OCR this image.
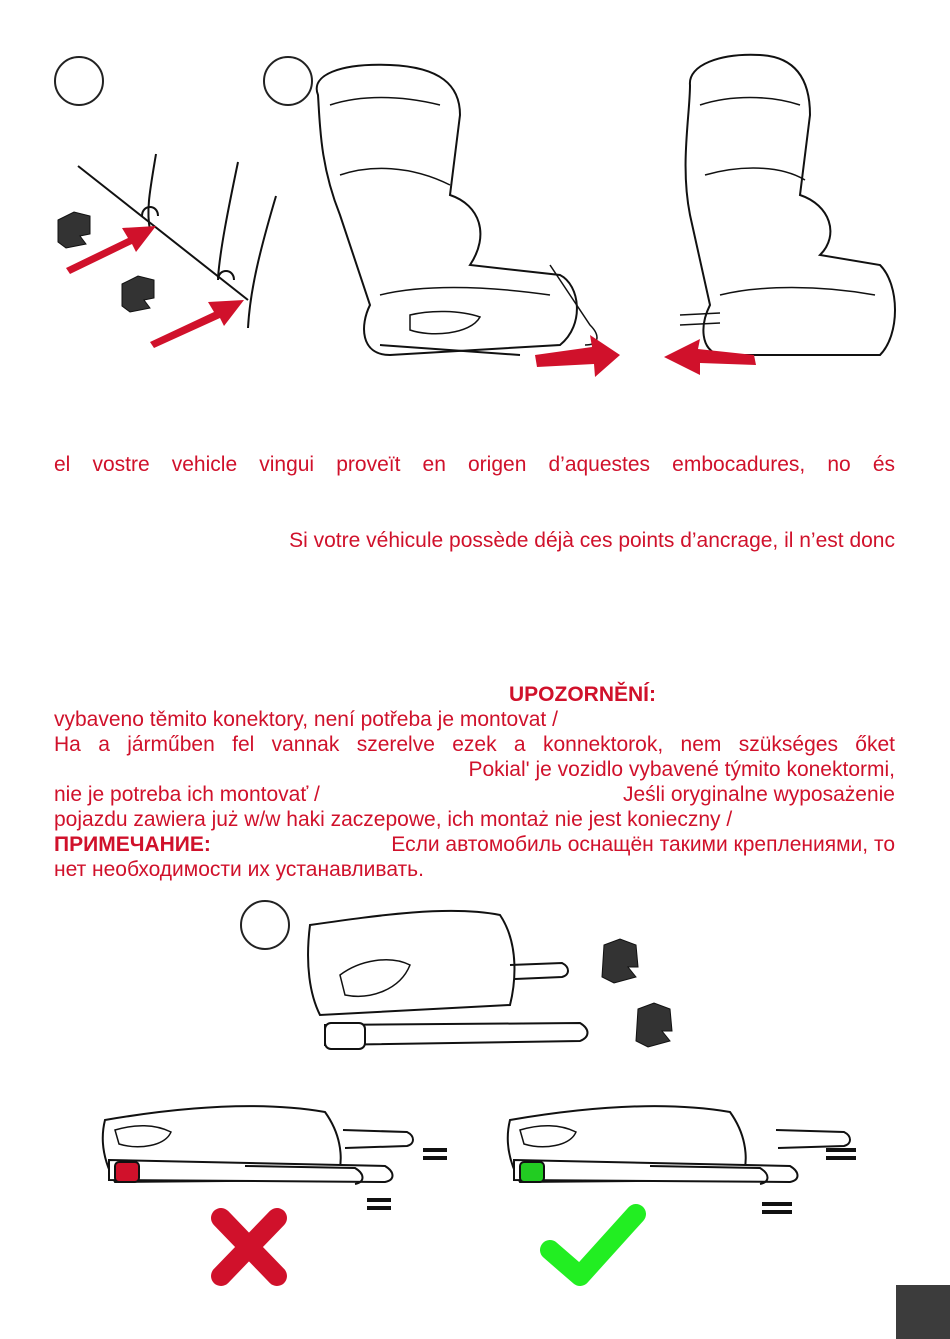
el vostre vehicle vingui proveït en origen d’aquestes embocadures, no és
Si votre véhicule possède déjà ces points d’ancrage, il n’est donc
UPOZORNĚNÍ:
vybaveno těmito konektory, není potřeba je montovat /
Ha a járműben fel vannak szerelve ezek a konnektorok, nem szükséges őket
Pokial' je vozidlo vybavené týmito konektormi,
nie je potreba ich montovať /	Jeśli oryginalne wyposażenie
pojazdu zawiera już w/w haki zaczepowe, ich montaż nie jest konieczny /
ПРИМЕЧАНИЕ:	Если автомобиль оснащён такими креплениями, то
нет необходимости их устанавливать.
